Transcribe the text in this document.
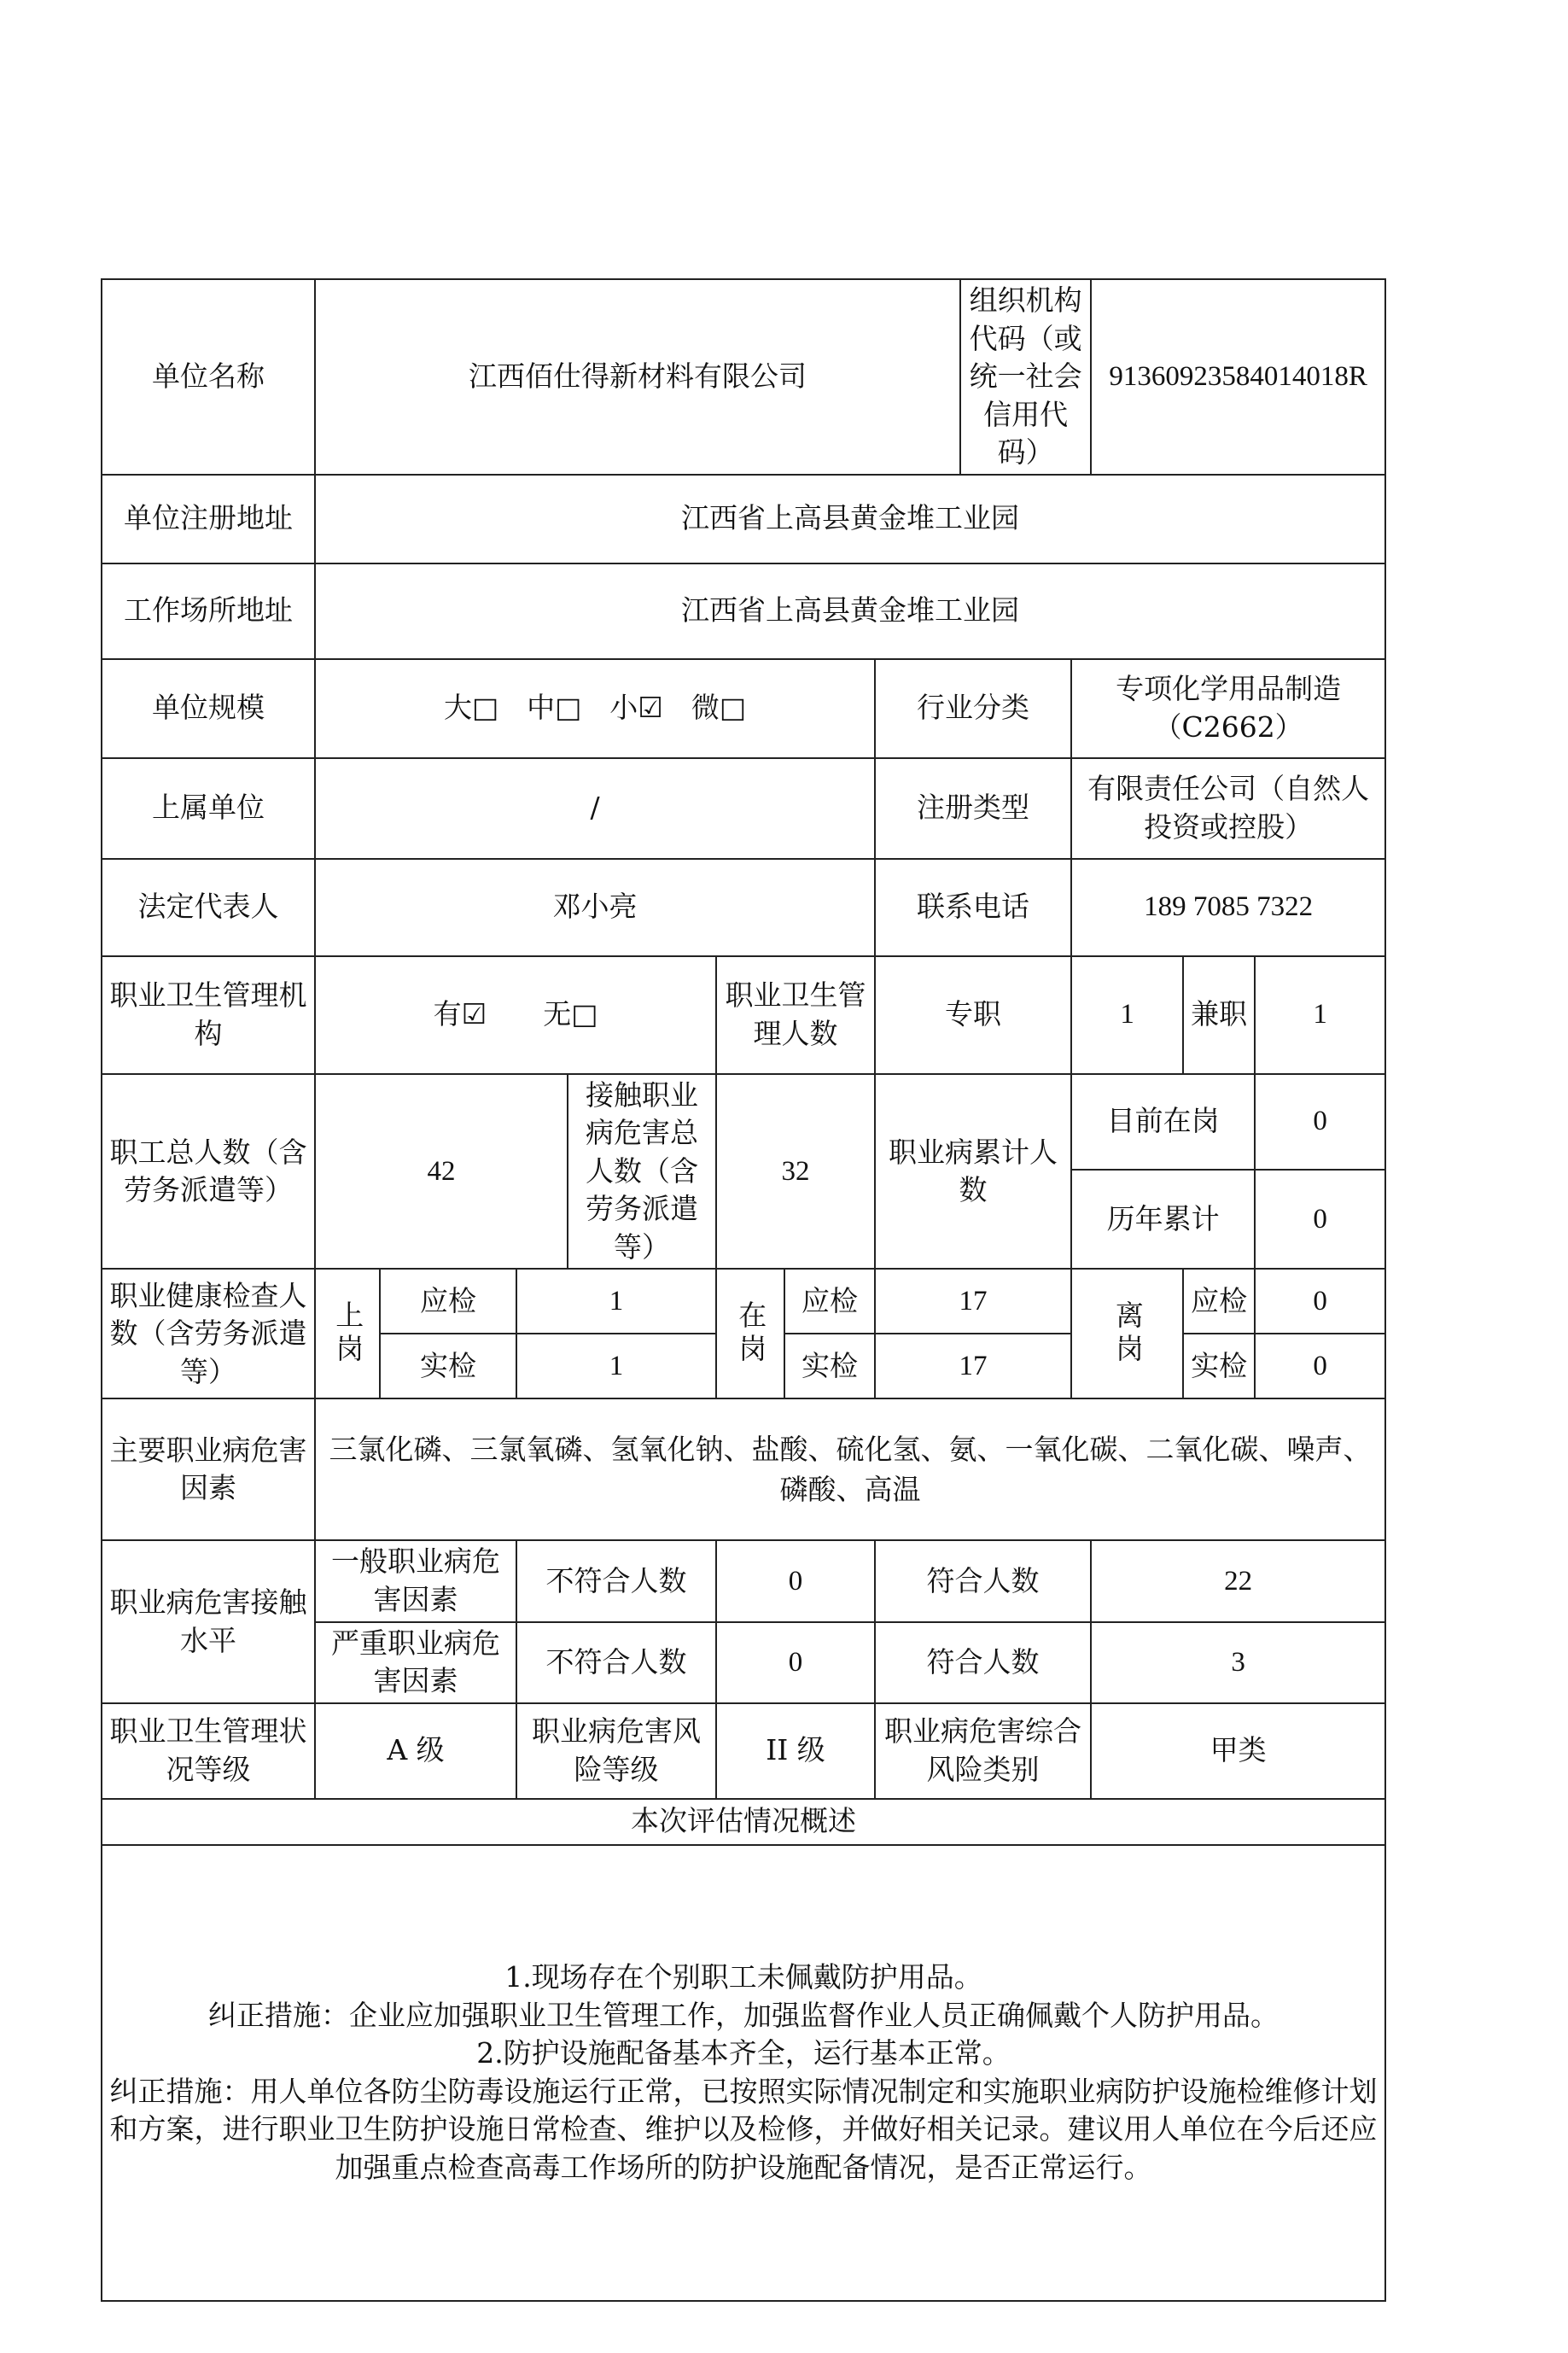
单位名称	江西佰仕得新材料有限公司							组织机构代码（或统一社会信用代码）		91360923584014018R		
单位注册地址	江西省上高县黄金堆工业园											
工作场所地址	江西省上高县黄金堆工业园											
单位规模	大□　中□　小☑　微□						行业分类		专项化学用品制造（C2662）			
上属单位	/						注册类型		有限责任公司（自然人投资或控股）			
法定代表人	邓小亮						联系电话		189 7085 7322			
职业卫生管理机构	有☑　　无□				职业卫生管理人数		专职		1		兼职	1
职工总人数（含劳务派遣等）	42			接触职业病危害总人数（含劳务派遣等）	32		职业病累计人数		目前在岗			0
									历年累计			0
职业健康检查人数（含劳务派遣等）	上岗	应检	1		在岗	应检	17		离岗		应检	0
		实检	1			实检	17				实检	0
主要职业病危害因素	三氯化磷、三氯氧磷、氢氧化钠、盐酸、硫化氢、氨、一氧化碳、二氧化碳、噪声、磷酸、高温											
职业病危害接触水平	一般职业病危害因素		不符合人数		0		符合人数			22		
	严重职业病危害因素		不符合人数		0		符合人数			3		
职业卫生管理状况等级	A 级		职业病危害风险等级		II 级		职业病危害综合风险类别			甲类		
本次评估情况概述												

1.现场存在个别职工未佩戴防护用品。

纠正措施：企业应加强职业卫生管理工作，加强监督作业人员正确佩戴个人防护用品。

2.防护设施配备基本齐全，运行基本正常。

纠正措施：用人单位各防尘防毒设施运行正常，已按照实际情况制定和实施职业病防护设施检维修计划和方案，进行职业卫生防护设施日常检查、维护以及检修，并做好相关记录。建议用人单位在今后还应加强重点检查高毒工作场所的防护设施配备情况，是否正常运行。												
